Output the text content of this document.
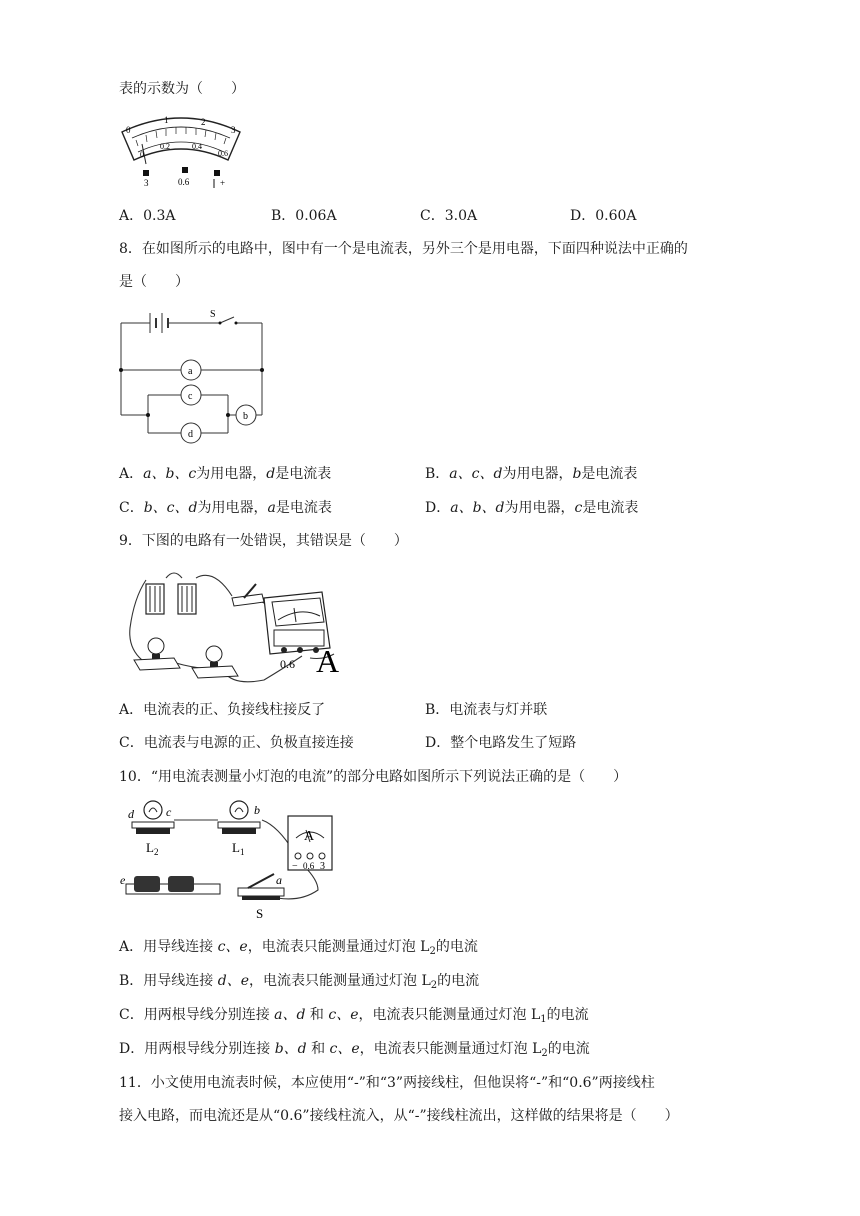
表的示数为（　　）
0
1	2
3
0
0.2	0.4
0.6
3	0.6	+
A．0.3A	B．0.06A	C．3.0A	D．0.60A
8．在如图所示的电路中，图中有一个是电流表，另外三个是用电器，下面四种说法中正确的
是（　　）
S
a
b
c
d
A．a、b、c为用电器，d是电流表	B．a、c、d为用电器，b是电流表
C．b、c、d为用电器，a是电流表	D．a、b、d为用电器，c是电流表
9．下图的电路有一处错误，其错误是（　　）
0.6 A
A．电流表的正、负接线柱接反了	B．电流表与灯并联
C．电流表与电源的正、负极直接连接	D．整个电路发生了短路
10．“用电流表测量小灯泡的电流”的部分电路如图所示下列说法正确的是（　　）
d	c	b
e	a
$L_2$	$L_1$
S
A
− 0.6 3
A．用导线连接 c、e，电流表只能测量通过灯泡 $L_2$的电流
B．用导线连接 d、e，电流表只能测量通过灯泡 $L_2$的电流
C．用两根导线分别连接 a、d 和 c、e，电流表只能测量通过灯泡 $L_1$的电流
D．用两根导线分别连接 b、d 和 c、e，电流表只能测量通过灯泡 $L_2$的电流
11．小文使用电流表时候，本应使用“-”和“3”两接线柱，但他误将“-”和“0.6”两接线柱
接入电路，而电流还是从“0.6”接线柱流入，从“-”接线柱流出，这样做的结果将是（　　）
